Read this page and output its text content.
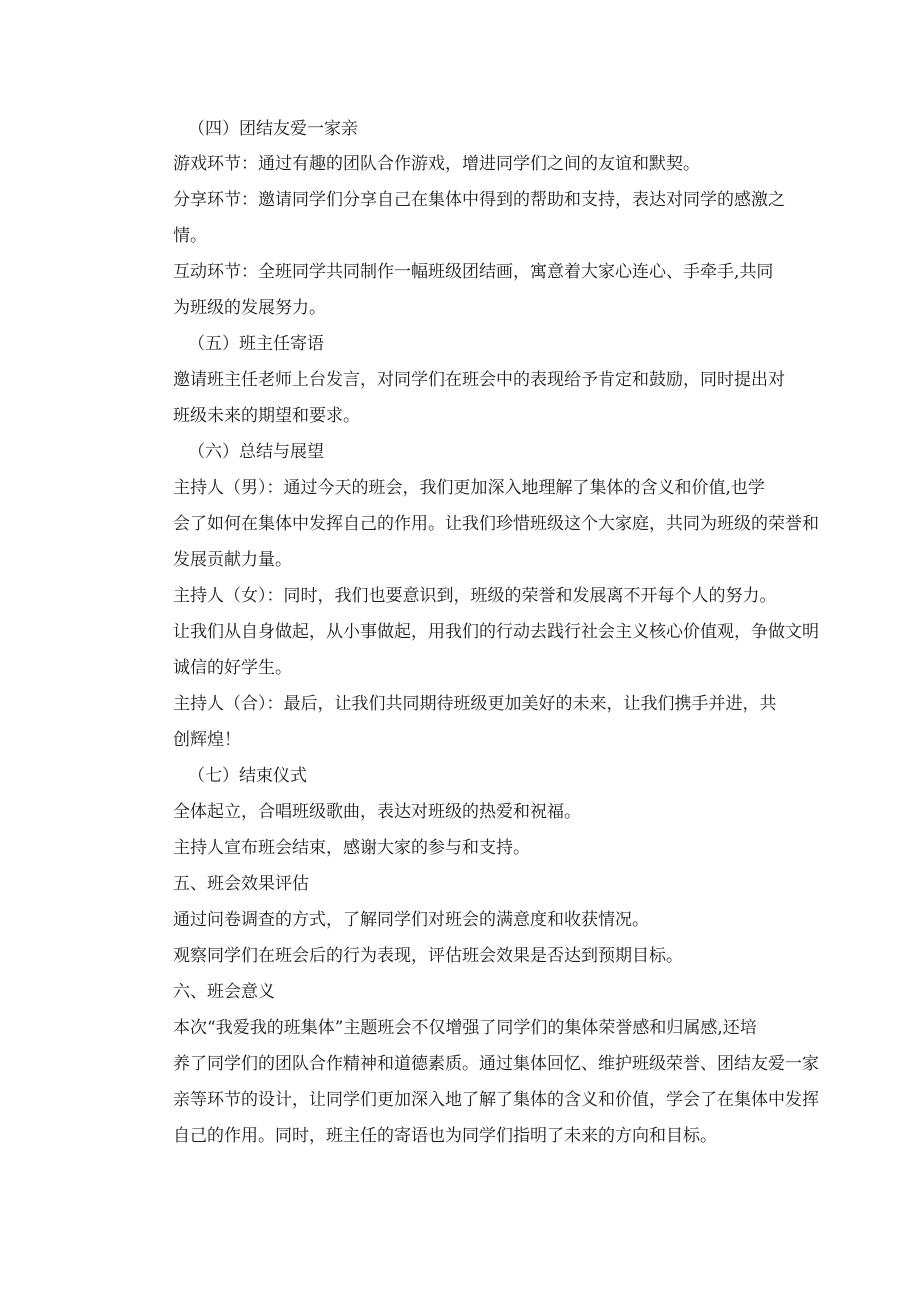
（四）团结友爱一家亲
游戏环节：通过有趣的团队合作游戏，增进同学们之间的友谊和默契。
分享环节：邀请同学们分享自己在集体中得到的帮助和支持，表达对同学的感激之
情。
互动环节：全班同学共同制作一幅班级团结画，寓意着大家心连心、手牵手,共同
为班级的发展努力。
（五）班主任寄语
邀请班主任老师上台发言，对同学们在班会中的表现给予肯定和鼓励，同时提出对
班级未来的期望和要求。
（六）总结与展望
主持人（男）：通过今天的班会，我们更加深入地理解了集体的含义和价值,也学
会了如何在集体中发挥自己的作用。让我们珍惜班级这个大家庭，共同为班级的荣誉和
发展贡献力量。
主持人（女）：同时，我们也要意识到，班级的荣誉和发展离不开每个人的努力。
让我们从自身做起，从小事做起，用我们的行动去践行社会主义核心价值观，争做文明
诚信的好学生。
主持人（合）：最后，让我们共同期待班级更加美好的未来，让我们携手并进，共
创辉煌！
（七）结束仪式
全体起立，合唱班级歌曲，表达对班级的热爱和祝福。
主持人宣布班会结束，感谢大家的参与和支持。
五、班会效果评估
通过问卷调查的方式，了解同学们对班会的满意度和收获情况。
观察同学们在班会后的行为表现，评估班会效果是否达到预期目标。
六、班会意义
本次“我爱我的班集体”主题班会不仅增强了同学们的集体荣誉感和归属感,还培
养了同学们的团队合作精神和道德素质。通过集体回忆、维护班级荣誉、团结友爱一家
亲等环节的设计，让同学们更加深入地了解了集体的含义和价值，学会了在集体中发挥
自己的作用。同时，班主任的寄语也为同学们指明了未来的方向和目标。
